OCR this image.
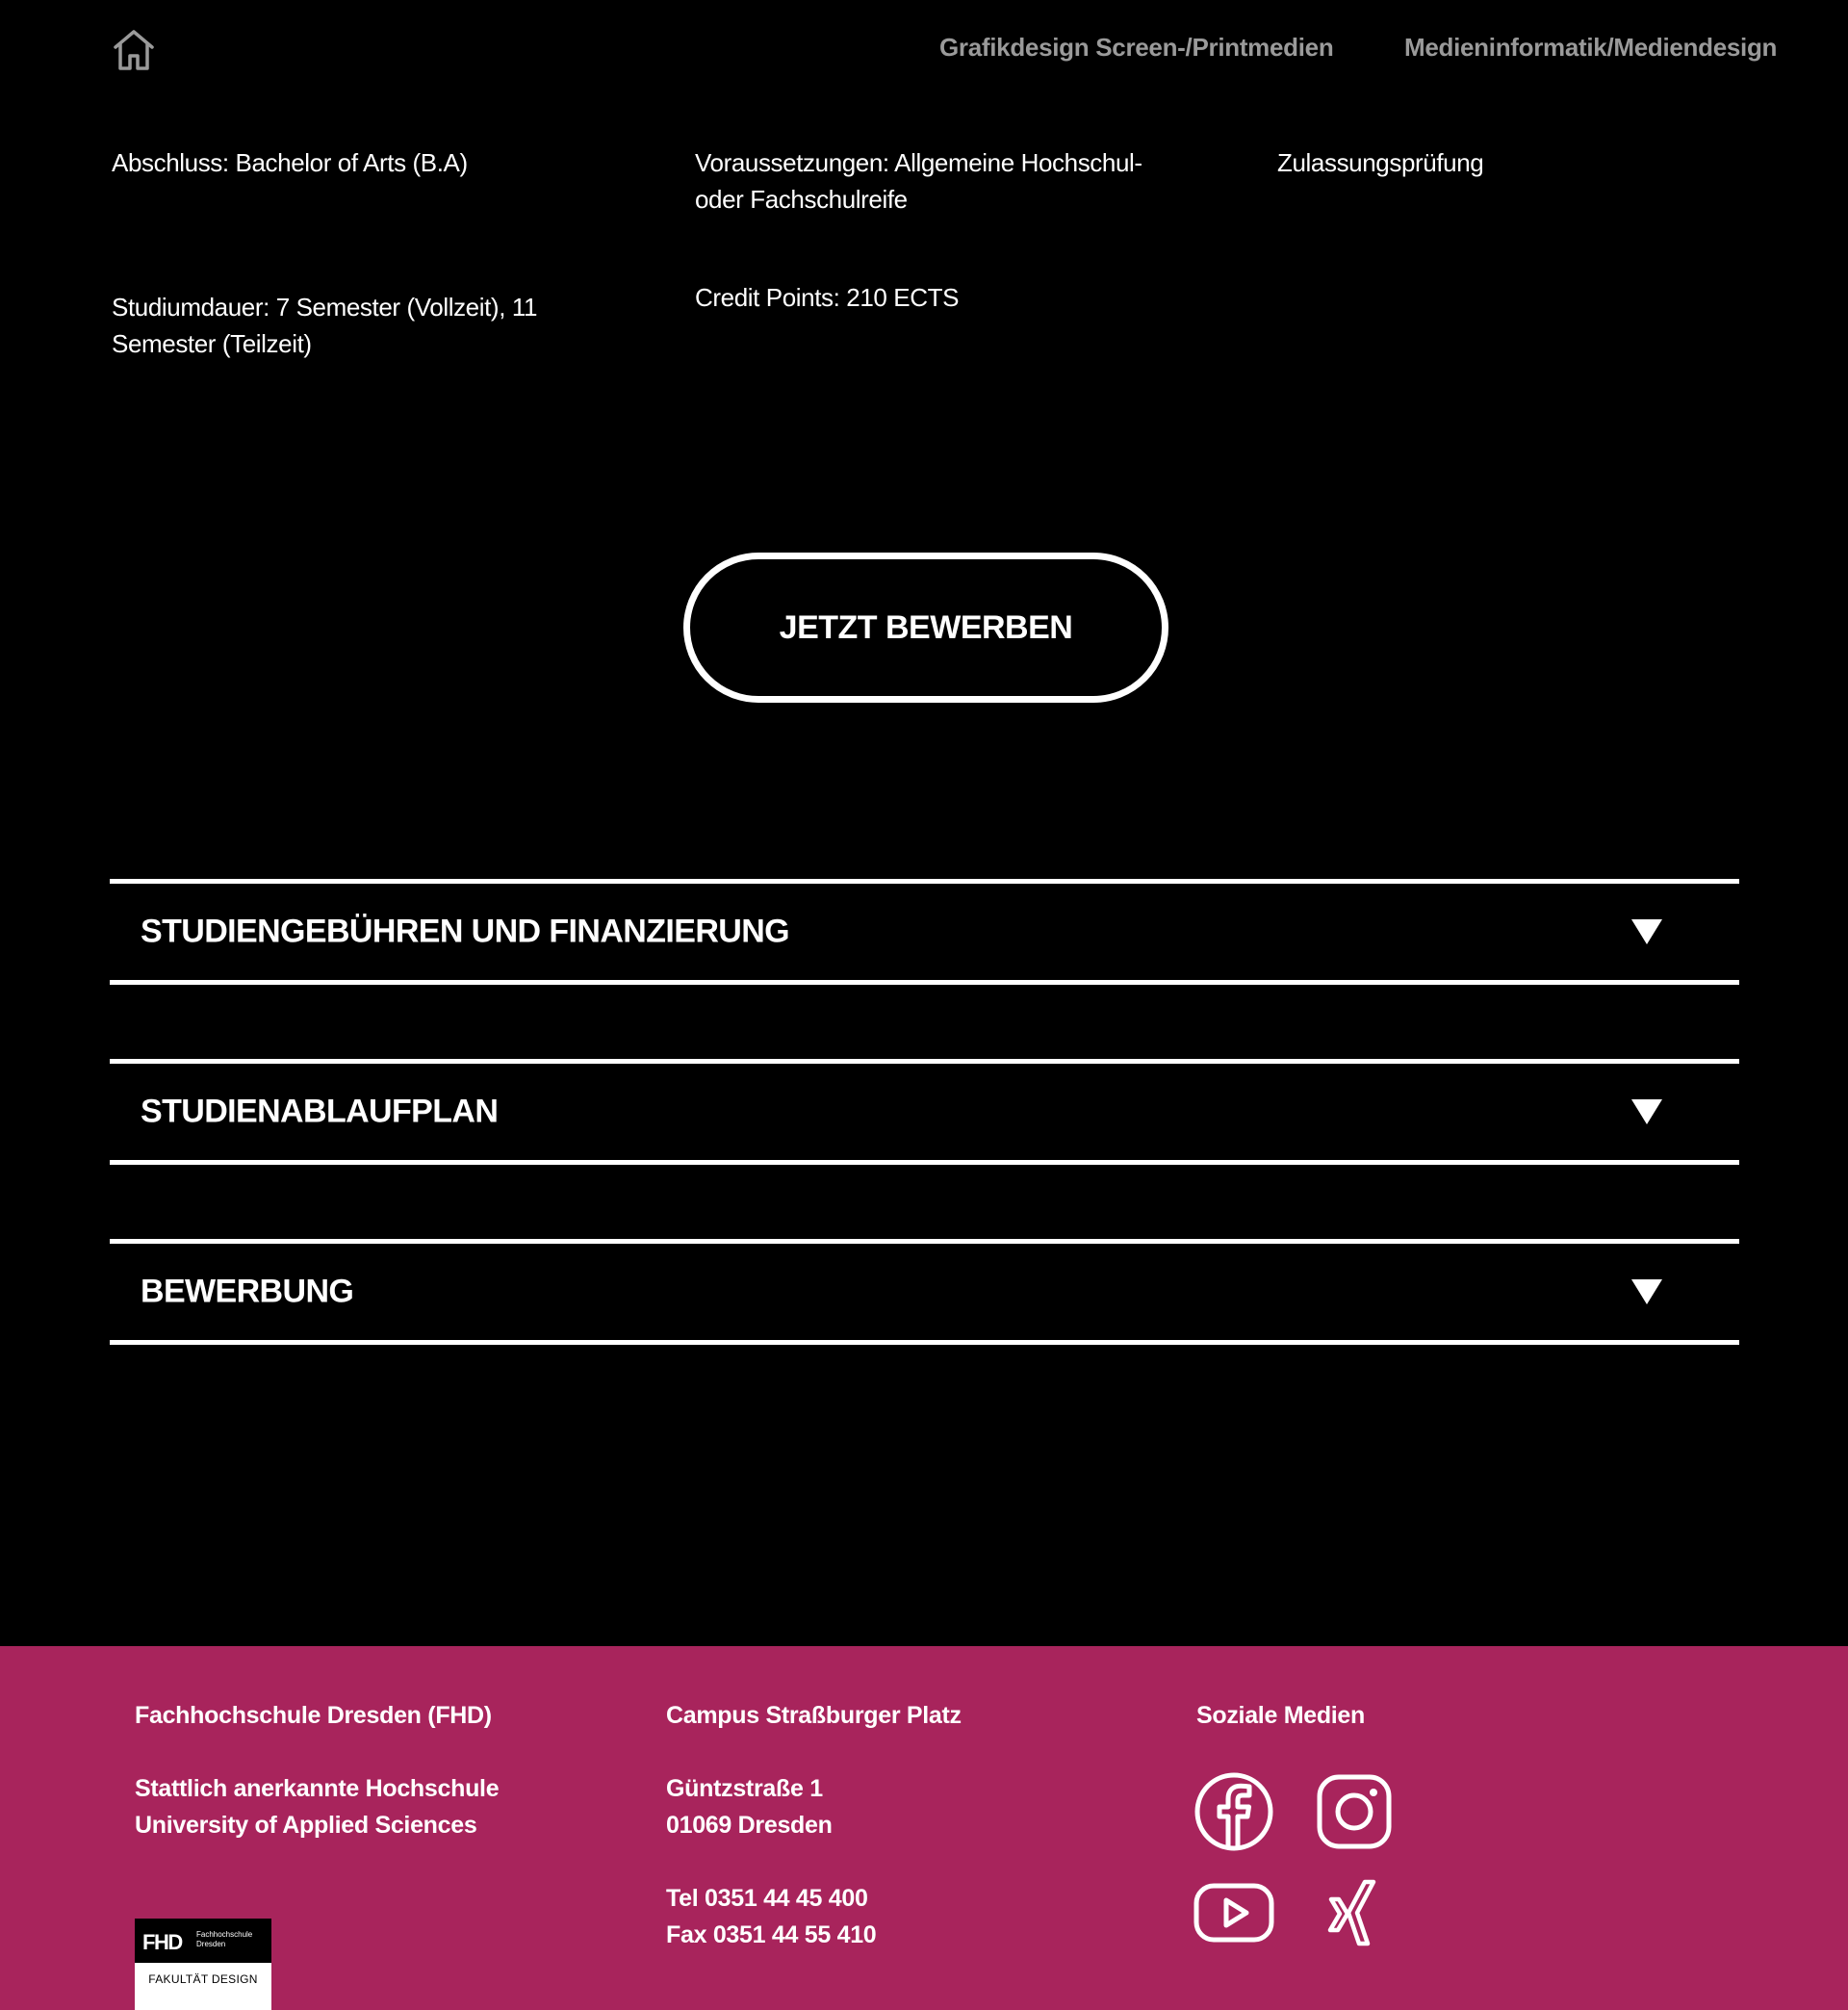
Grafikdesign Screen-/Printmedien	Medieninformatik/Mediendesign
Abschluss: Bachelor of Arts (B.A)	Voraussetzungen: Allgemeine Hochschul-
oder Fachschulreife
Zulassungsprüfung
Studiumdauer: 7 Semester (Vollzeit), 11
Semester (Teilzeit)
Credit Points: 210 ECTS
JETZT BEWERBEN
STUDIENGEBÜHREN UND FINANZIERUNG
STUDIENABLAUFPLAN
BEWERBUNG
Fachhochschule Dresden (FHD)
Stattlich anerkannte Hochschule
University of Applied Sciences
FHD Fachhochschule
Dresden
FAKULTÄT DESIGN
Campus Straßburger Platz
Güntzstraße 1
01069 Dresden
Tel 0351 44 45 400
Fax 0351 44 55 410
Soziale Medien
